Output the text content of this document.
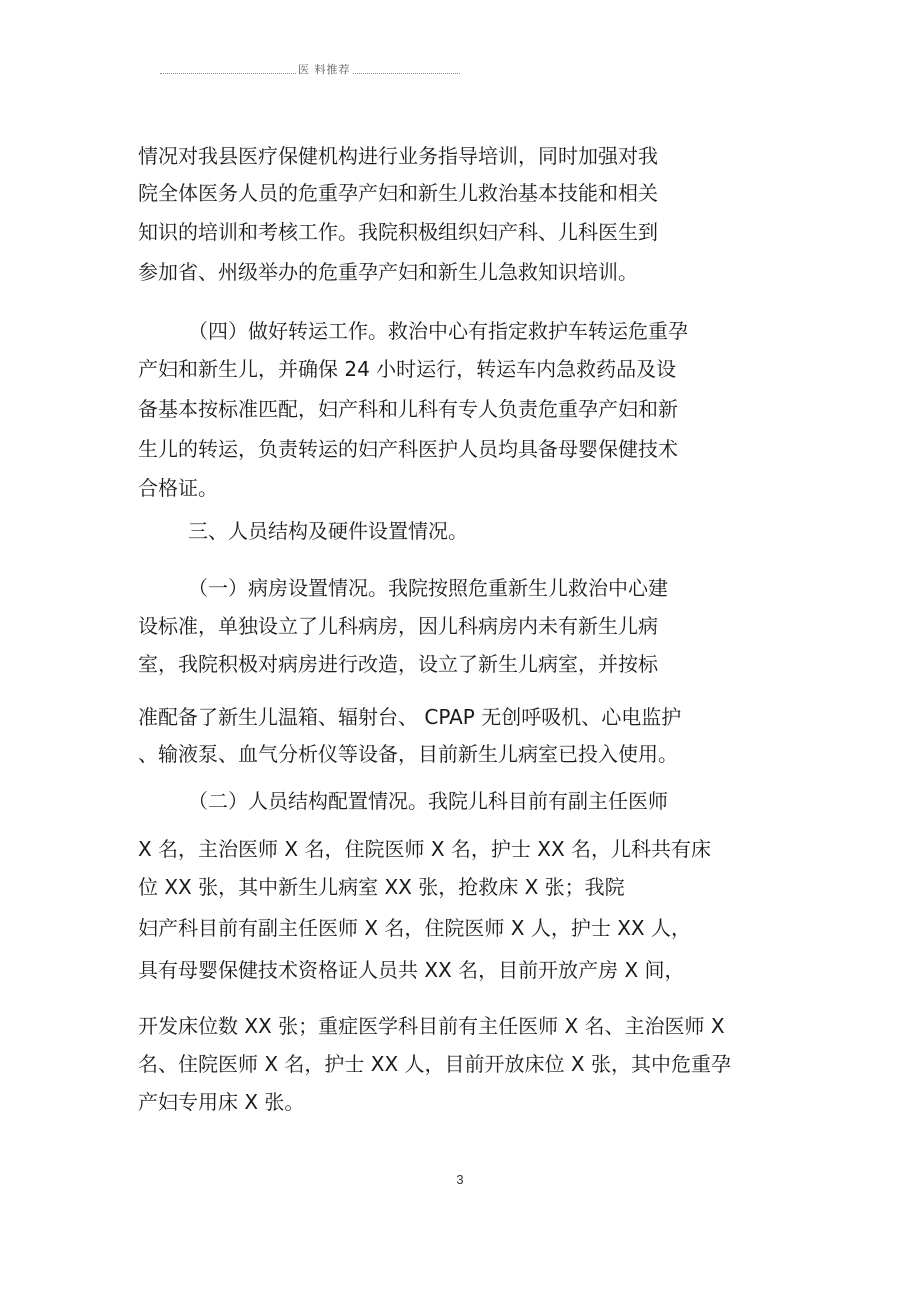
医 料推荐
情况对我县医疗保健机构进行业务指导培训，同时加强对我
院全体医务人员的危重孕产妇和新生儿救治基本技能和相关
知识的培训和考核工作。我院积极组织妇产科、儿科医生到
参加省、州级举办的危重孕产妇和新生儿急救知识培训。
（四）做好转运工作。救治中心有指定救护车转运危重孕
产妇和新生儿，并确保 24 小时运行，转运车内急救药品及设
备基本按标准匹配，妇产科和儿科有专人负责危重孕产妇和新
生儿的转运，负责转运的妇产科医护人员均具备母婴保健技术
合格证。
三、人员结构及硬件设置情况。
（一）病房设置情况。我院按照危重新生儿救治中心建
设标准，单独设立了儿科病房，因儿科病房内未有新生儿病
室，我院积极对病房进行改造，设立了新生儿病室，并按标
准配备了新生儿温箱、辐射台、 CPAP 无创呼吸机、心电监护
、输液泵、血气分析仪等设备，目前新生儿病室已投入使用。
（二）人员结构配置情况。我院儿科目前有副主任医师
X 名，主治医师 X 名，住院医师 X 名，护士 XX 名，儿科共有床
位 XX 张，其中新生儿病室 XX 张，抢救床 X 张；我院
妇产科目前有副主任医师 X 名，住院医师 X 人，护士 XX 人，
具有母婴保健技术资格证人员共 XX 名，目前开放产房 X 间，
开发床位数 XX 张；重症医学科目前有主任医师 X 名、主治医师 X
名、住院医师 X 名，护士 XX 人，目前开放床位 X 张，其中危重孕
产妇专用床 X 张。
3
